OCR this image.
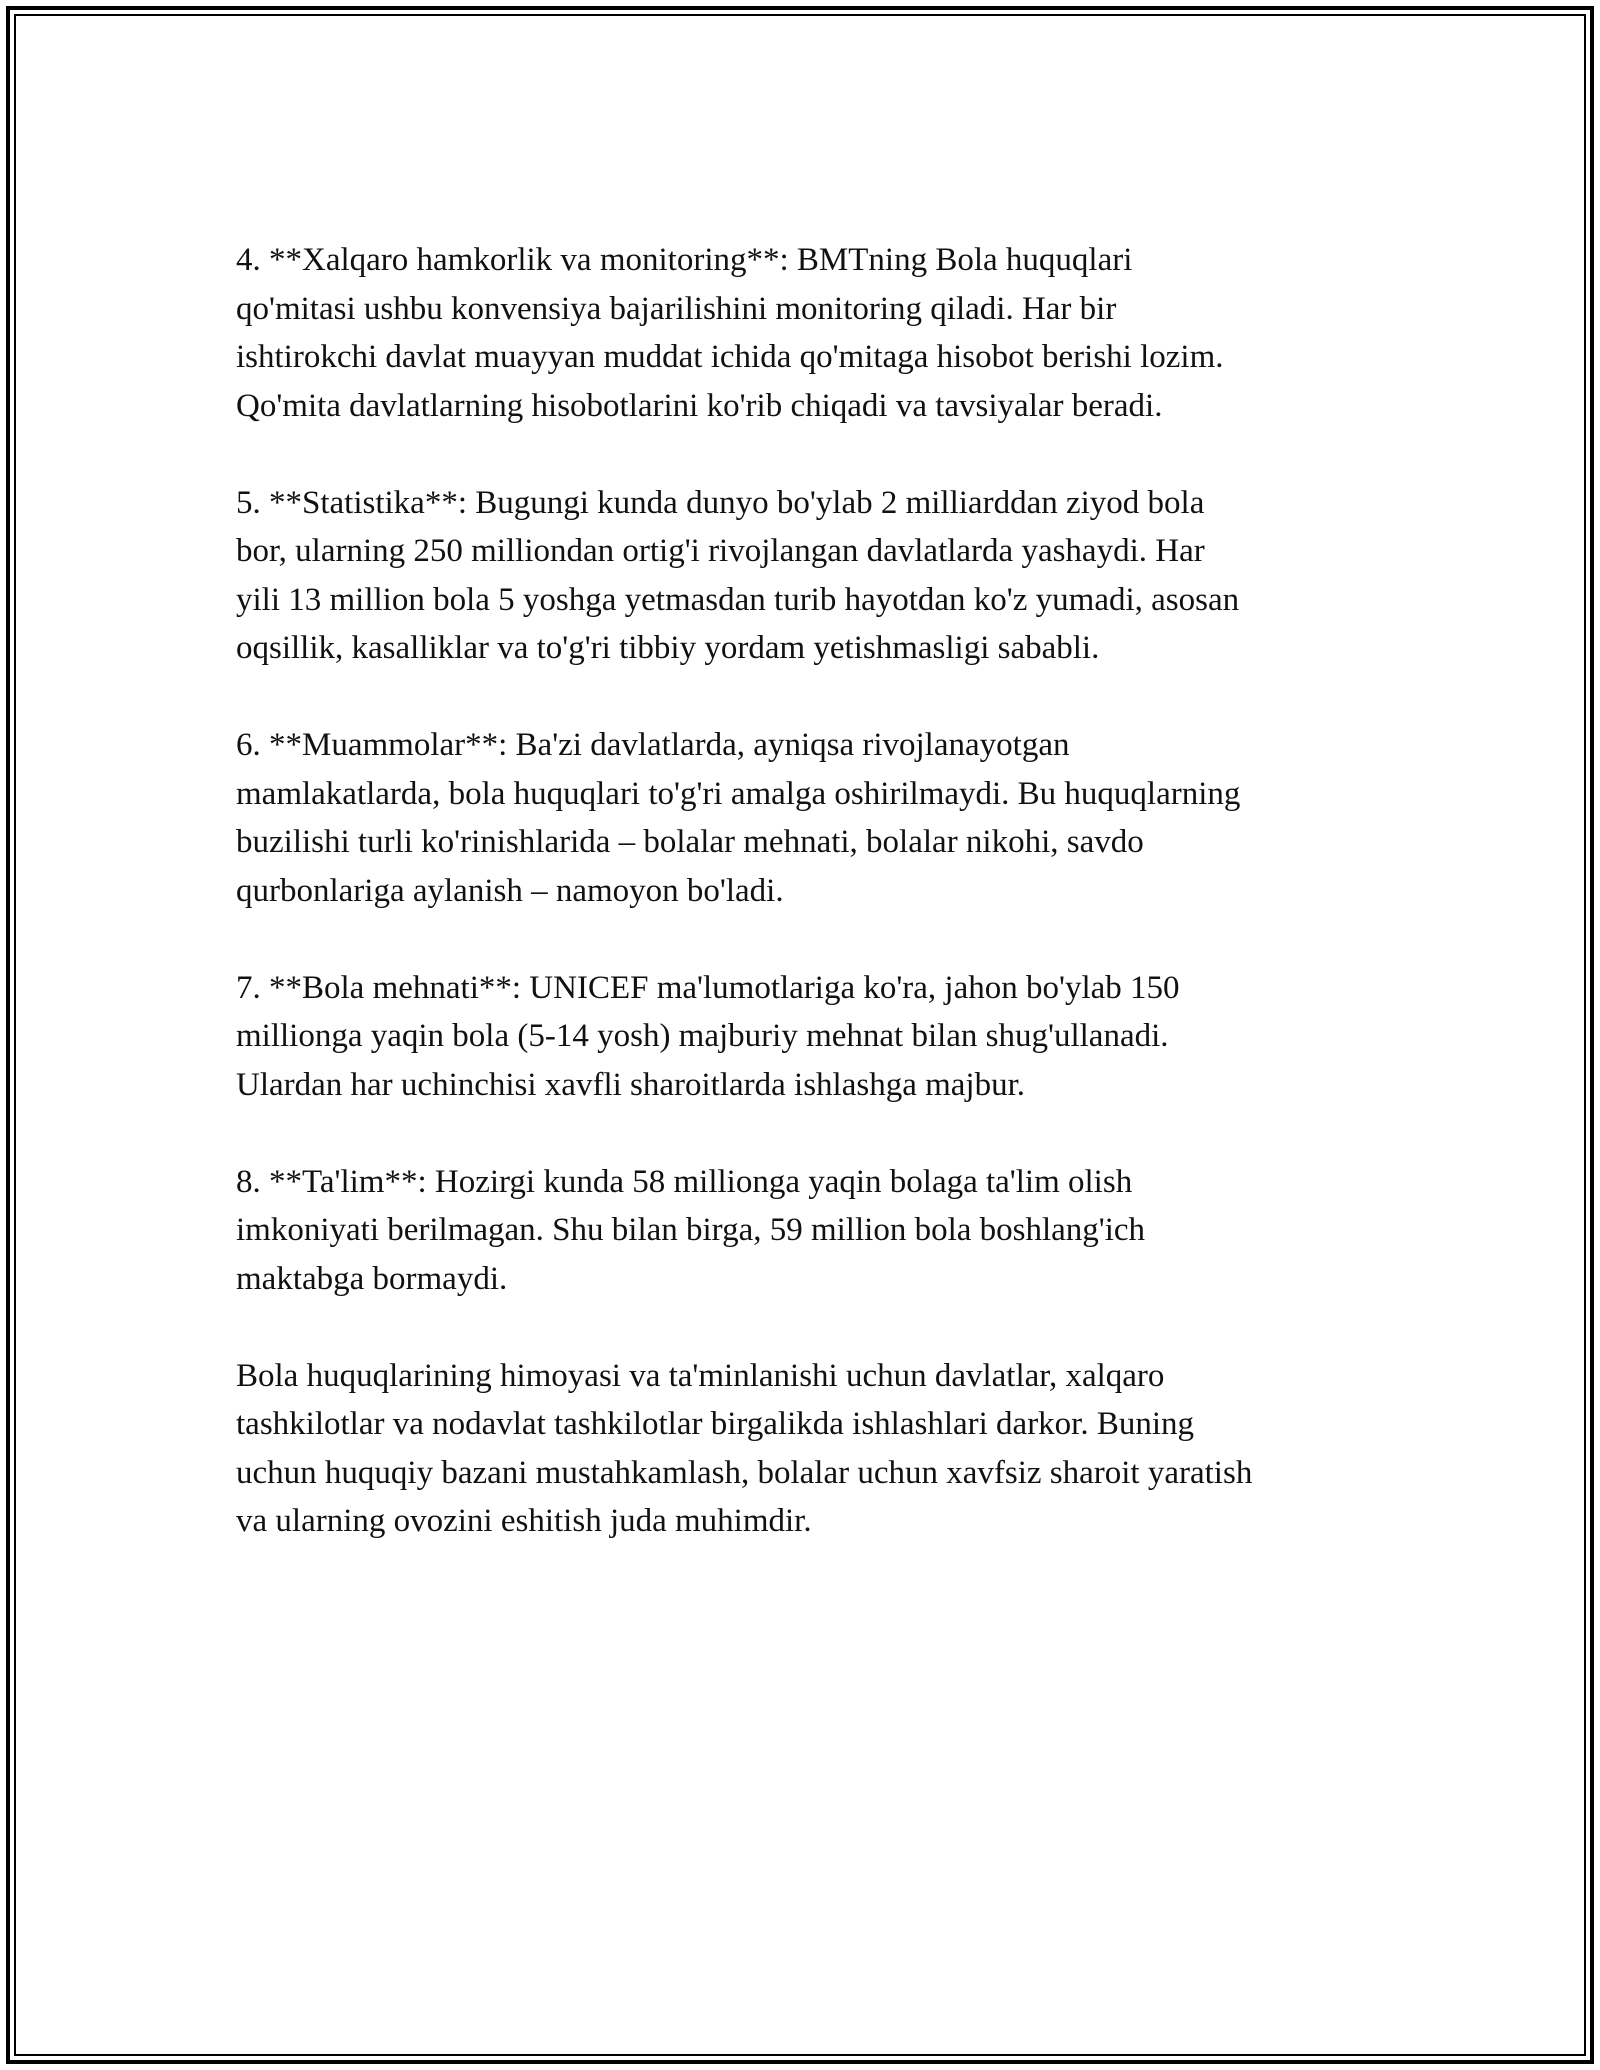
4. **Xalqaro hamkorlik va monitoring**: BMTning Bola huquqlari
qo'mitasi ushbu konvensiya bajarilishini monitoring qiladi. Har bir
ishtirokchi davlat muayyan muddat ichida qo'mitaga hisobot berishi lozim.
Qo'mita davlatlarning hisobotlarini ko'rib chiqadi va tavsiyalar beradi.

5. **Statistika**: Bugungi kunda dunyo bo'ylab 2 milliarddan ziyod bola
bor, ularning 250 milliondan ortig'i rivojlangan davlatlarda yashaydi. Har
yili 13 million bola 5 yoshga yetmasdan turib hayotdan ko'z yumadi, asosan
oqsillik, kasalliklar va to'g'ri tibbiy yordam yetishmasligi sababli.

6. **Muammolar**: Ba'zi davlatlarda, ayniqsa rivojlanayotgan
mamlakatlarda, bola huquqlari to'g'ri amalga oshirilmaydi. Bu huquqlarning
buzilishi turli ko'rinishlarida – bolalar mehnati, bolalar nikohi, savdo
qurbonlariga aylanish – namoyon bo'ladi.

7. **Bola mehnati**: UNICEF ma'lumotlariga ko'ra, jahon bo'ylab 150
millionga yaqin bola (5-14 yosh) majburiy mehnat bilan shug'ullanadi.
Ulardan har uchinchisi xavfli sharoitlarda ishlashga majbur.

8. **Ta'lim**: Hozirgi kunda 58 millionga yaqin bolaga ta'lim olish
imkoniyati berilmagan. Shu bilan birga, 59 million bola boshlang'ich
maktabga bormaydi.

Bola huquqlarining himoyasi va ta'minlanishi uchun davlatlar, xalqaro
tashkilotlar va nodavlat tashkilotlar birgalikda ishlashlari darkor. Buning
uchun huquqiy bazani mustahkamlash, bolalar uchun xavfsiz sharoit yaratish
va ularning ovozini eshitish juda muhimdir.
